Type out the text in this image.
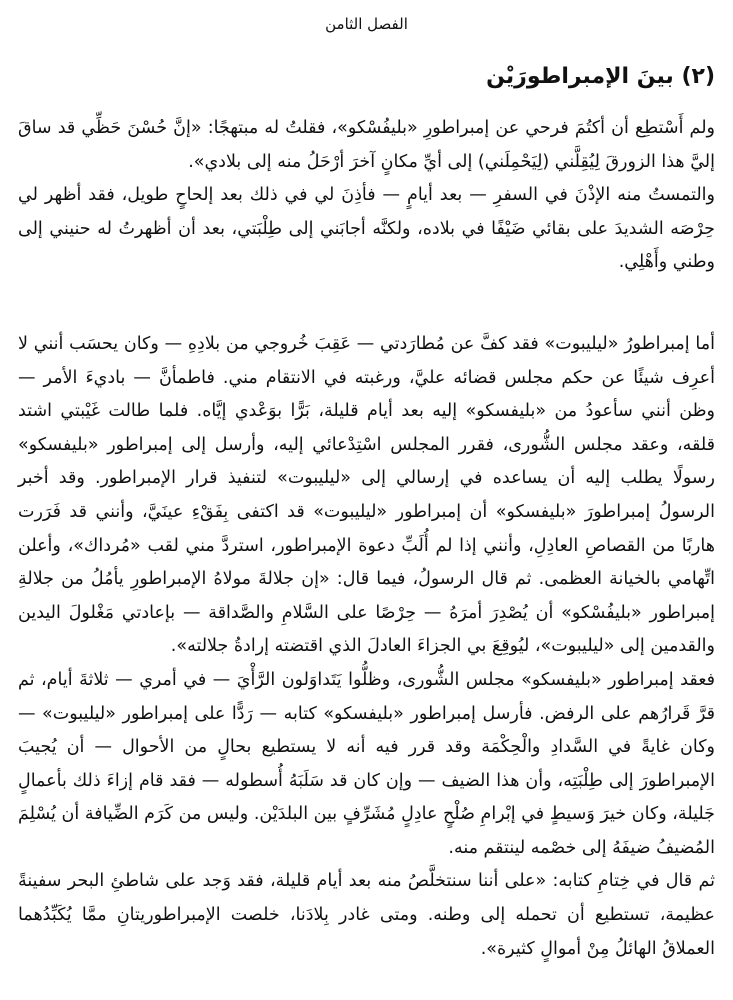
الفصل الثامن
(٢) بينَ الإمبراطورَيْن

ولم أَسْتطِع أن أكتُمَ فرحي عن إمبراطورِ «بليفُسْكو»، فقلتُ له مبتهجًا: «إنَّ حُسْنَ حَظِّي قد ساقَ إليَّ هذا الزورقَ لِيُقِلَّني (لِيَحْمِلَني) إلى أيِّ مكانٍ آخرَ أرْحَلُ منه إلى بلادي».

والتمستُ منه الإذْنَ في السفرِ — بعد أيامٍ — فأذِنَ لي في ذلك بعد إلحاحٍ طويل، فقد أظهر لي حِرْصَه الشديدَ على بقائي ضَيْفًا في بلاده، ولكنَّه أجابَني إلى طِلْبَتي، بعد أن أظهرتُ له حنيني إلى وطني وأَهْلِي.

أما إمبراطورُ «ليليبوت» فقد كفَّ عن مُطارَدتي — عَقِبَ خُروجي من بلادِهِ — وكان يحسَب أنني لا أعرِف شيئًا عن حكم مجلس قضائه عليَّ، ورغبته في الانتقام مني. فاطمأنَّ — باديءَ الأمر — وظن أنني سأعودُ من «بليفسكو» إليه بعد أيام قليلة، بَرًّا بوَعْدي إيَّاه. فلما طالت غَيْبتي اشتد قلقه، وعقد مجلس الشُّورى، فقرر المجلس اسْتِدْعائي إليه، وأرسل إلى إمبراطور «بليفسكو» رسولًا يطلب إليه أن يساعده في إرسالي إلى «ليليبوت» لتنفيذ قرار الإمبراطور. وقد أخبر الرسولُ إمبراطورَ «بليفسكو» أن إمبراطور «ليليبوت» قد اكتفى بِفَقْءِ عينَيَّ، وأنني قد فَرَرت هاربًا من القصاصِ العادِلِ، وأنني إذا لم أُلَبِّ دعوة الإمبراطور، استردَّ مني لقب «مُرداك»، وأعلن اتِّهامي بالخيانة العظمى. ثم قال الرسولُ، فيما قال: «إن جلالةَ مولاهُ الإمبراطورِ يأمُلُ من جلالةِ إمبراطور «بليفُسْكو» أن يُصْدِرَ أمرَهُ — حِرْصًا على السَّلامِ والصَّداقة — بإعادتي مَغْلولَ اليدين والقدمين إلى «ليليبوت»، ليُوقِعَ بي الجزاءَ العادلَ الذي اقتضته إرادةُ جلالته».

فعقد إمبراطور «بليفسكو» مجلس الشُّورى، وظلُّوا يَتَداوَلون الرَّأْيَ — في أمري — ثلاثةَ أيام، ثم قرَّ قَرارُهم على الرفض. فأرسل إمبراطور «بليفسكو» كتابه — رَدًّا على إمبراطور «ليليبوت» — وكان غايةً في السَّدادِ والْحِكْمَة وقد قرر فيه أنه لا يستطيع بحالٍ من الأحوال — أن يُجيبَ الإمبراطورَ إلى طِلْبَتِه، وأن هذا الضيف — وإن كان قد سَلَبَهُ أُسطوله — فقد قام إزاءَ ذلك بأعمالٍ جَليلة، وكان خيرَ وَسيطٍ في إبْرامِ صُلْحٍ عادِلٍ مُشَرِّفٍ بين البلدَيْن. وليس من كَرَم الضِّيافة أن يُسْلِمَ المُضيفُ ضيفَهُ إلى خصْمه لينتقم منه.

ثم قال في خِتامِ كتابه: «على أننا سنتخلَّصُ منه بعد أيام قليلة، فقد وَجد على شاطئِ البحر سفينةً عظيمة، تستطيع أن تحمله إلى وطنه. ومتى غادر بِلادَنا، خلصت الإمبراطوريتانِ ممَّا يُكَبِّدُهما العملاقُ الهائلُ مِنْ أموالٍ كثيرة».
